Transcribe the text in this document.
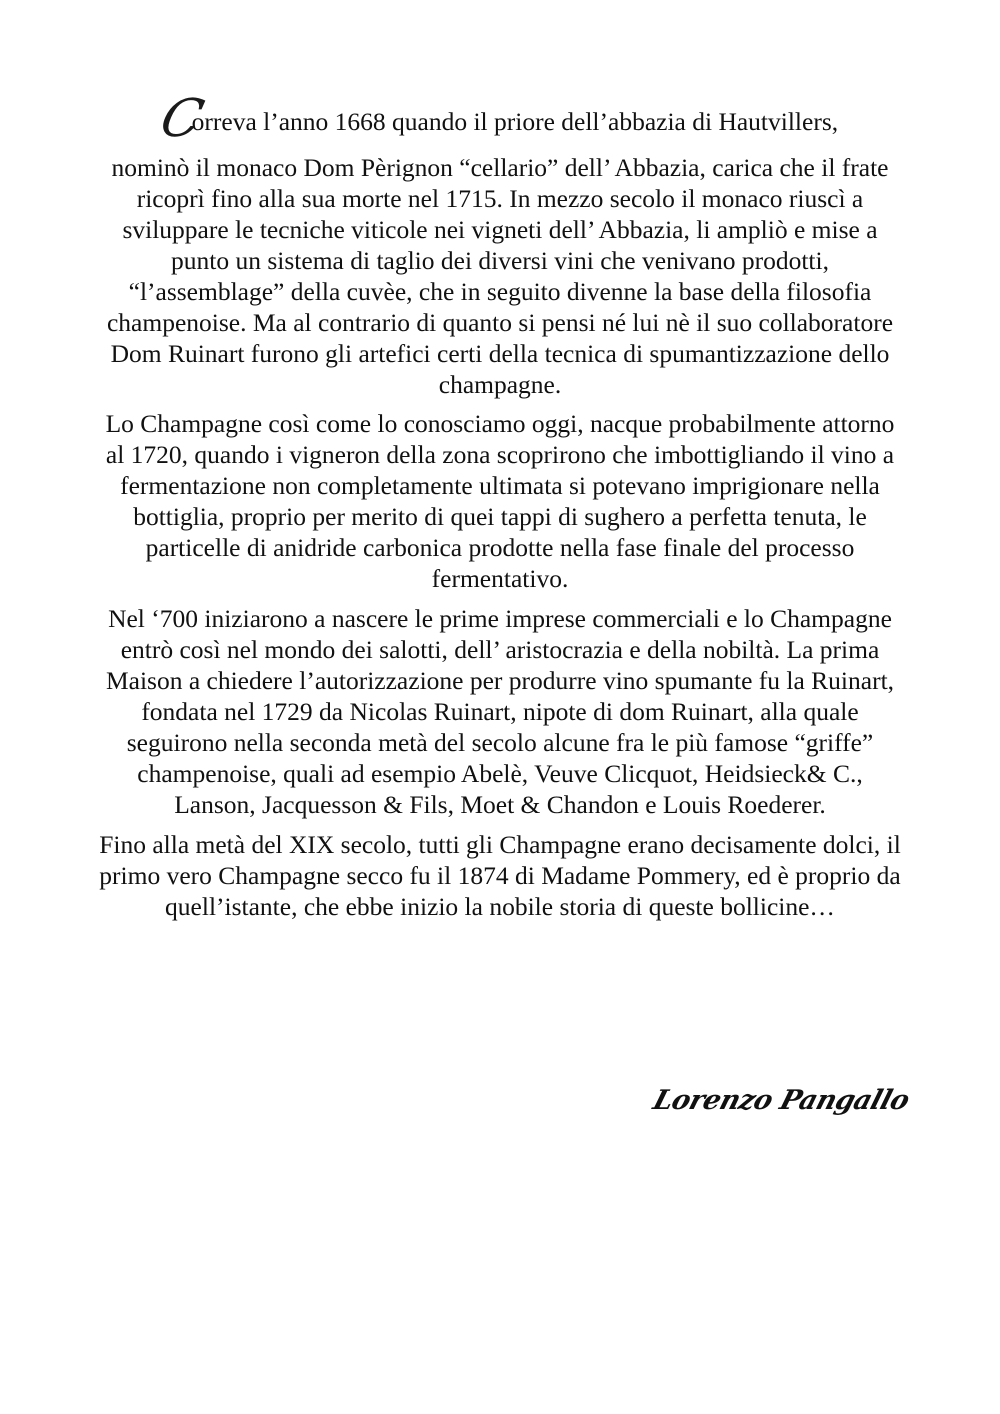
Correva l’anno 1668 quando il priore dell’abbazia di Hautvillers,
nominò il monaco Dom Pèrignon “cellario” dell’ Abbazia, carica che il frate ricoprì fino alla sua morte nel 1715. In mezzo secolo il monaco riuscì a sviluppare le tecniche viticole nei vigneti dell’ Abbazia, li ampliò e mise a punto un sistema di taglio dei diversi vini che venivano prodotti, “l’assemblage” della cuvèe, che in seguito divenne la base della filosofia champenoise. Ma al contrario di quanto si pensi né lui nè il suo collaboratore Dom Ruinart furono gli artefici certi della tecnica di spumantizzazione dello champagne.

Lo Champagne così come lo conosciamo oggi, nacque probabilmente attorno al 1720, quando i vigneron della zona scoprirono che imbottigliando il vino a fermentazione non completamente ultimata si potevano imprigionare nella bottiglia, proprio per merito di quei tappi di sughero a perfetta tenuta, le particelle di anidride carbonica prodotte nella fase finale del processo fermentativo.

Nel ‘700 iniziarono a nascere le prime imprese commerciali e lo Champagne entrò così nel mondo dei salotti, dell’ aristocrazia e della nobiltà. La prima Maison a chiedere l’autorizzazione per produrre vino spumante fu la Ruinart, fondata nel 1729 da Nicolas Ruinart, nipote di dom Ruinart, alla quale seguirono nella seconda metà del secolo alcune fra le più famose “griffe” champenoise, quali ad esempio Abelè, Veuve Clicquot, Heidsieck& C., Lanson, Jacquesson & Fils, Moet & Chandon e Louis Roederer.

Fino alla metà del XIX secolo, tutti gli Champagne erano decisamente dolci, il primo vero Champagne secco fu il 1874 di Madame Pommery, ed è proprio da quell’istante, che ebbe inizio la nobile storia di queste bollicine…

Lorenzo Pangallo
